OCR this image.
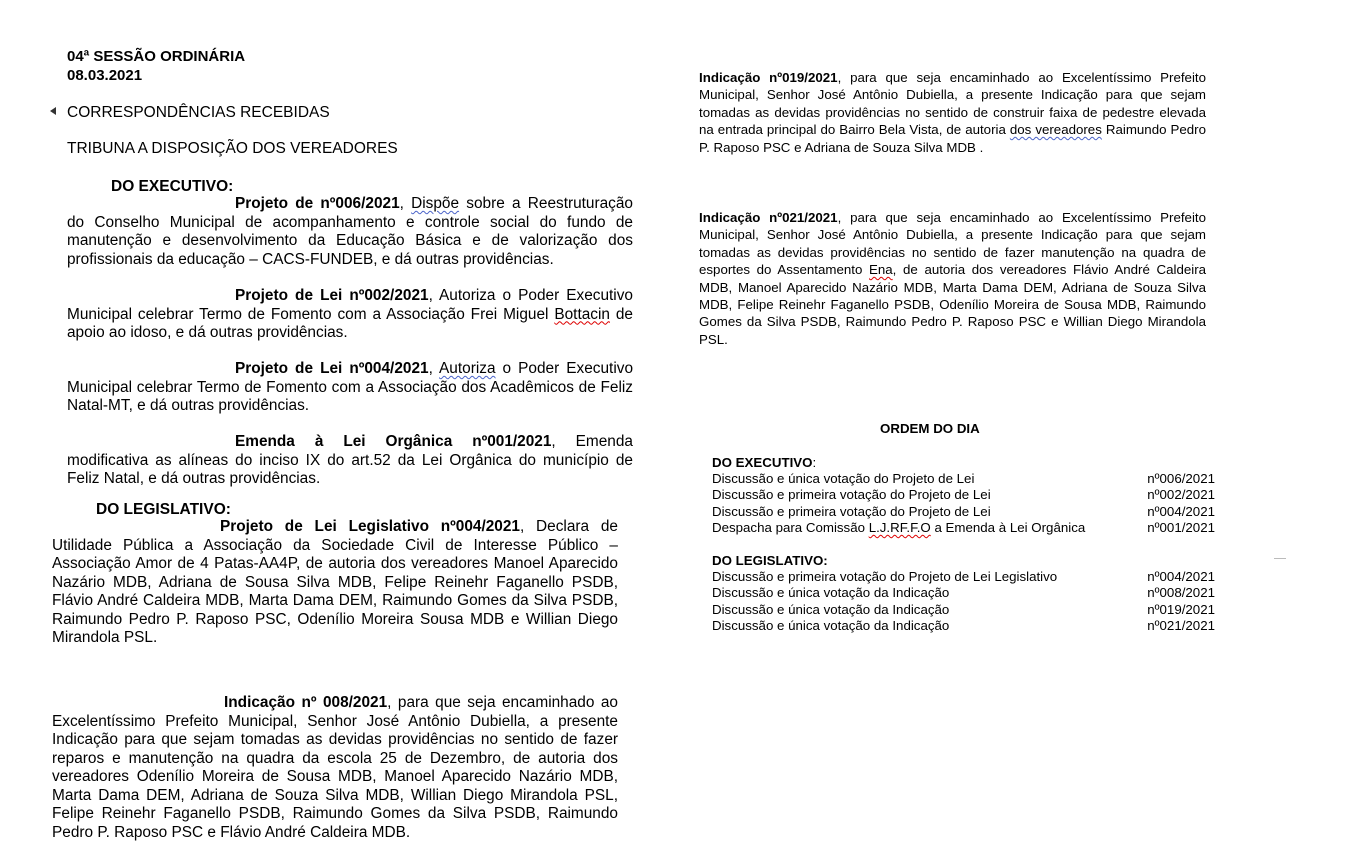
04ª SESSÃO ORDINÁRIA
08.03.2021
CORRESPONDÊNCIAS RECEBIDAS
TRIBUNA A DISPOSIÇÃO DOS VEREADORES
DO EXECUTIVO:
Projeto de nº006/2021, Dispõe sobre a Reestruturação do Conselho Municipal de acompanhamento e controle social do fundo de manutenção e desenvolvimento da Educação Básica e de valorização dos profissionais da educação – CACS-FUNDEB, e dá outras providências.
Projeto de Lei nº002/2021, Autoriza o Poder Executivo Municipal celebrar Termo de Fomento com a Associação Frei Miguel Bottacin de apoio ao idoso, e dá outras providências.
Projeto de Lei nº004/2021, Autoriza o Poder Executivo Municipal celebrar Termo de Fomento com a Associação dos Acadêmicos de Feliz Natal-MT, e dá outras providências.
Emenda à Lei Orgânica nº001/2021, Emenda modificativa as alíneas do inciso IX do art.52 da Lei Orgânica do município de Feliz Natal, e dá outras providências.
DO LEGISLATIVO:
Projeto de Lei Legislativo nº004/2021, Declara de Utilidade Pública a Associação da Sociedade Civil de Interesse Público – Associação Amor de 4 Patas-AA4P, de autoria dos vereadores Manoel Aparecido Nazário MDB, Adriana de Sousa Silva MDB, Felipe Reinehr Faganello PSDB, Flávio André Caldeira MDB, Marta Dama DEM, Raimundo Gomes da Silva PSDB, Raimundo Pedro P. Raposo PSC, Odenílio Moreira Sousa MDB e Willian Diego Mirandola PSL.
Indicação nº 008/2021, para que seja encaminhado ao Excelentíssimo Prefeito Municipal, Senhor José Antônio Dubiella, a presente Indicação para que sejam tomadas as devidas providências no sentido de fazer reparos e manutenção na quadra da escola 25 de Dezembro, de autoria dos vereadores Odenílio Moreira de Sousa MDB, Manoel Aparecido Nazário MDB, Marta Dama DEM, Adriana de Souza Silva MDB, Willian Diego Mirandola PSL, Felipe Reinehr Faganello PSDB, Raimundo Gomes da Silva PSDB, Raimundo Pedro P. Raposo PSC e Flávio André Caldeira MDB.
Indicação nº019/2021, para que seja encaminhado ao Excelentíssimo Prefeito Municipal, Senhor José Antônio Dubiella, a presente Indicação para que sejam tomadas as devidas providências no sentido de construir faixa de pedestre elevada na entrada principal do Bairro Bela Vista, de autoria dos vereadores Raimundo Pedro P. Raposo PSC e Adriana de Souza Silva MDB .
Indicação nº021/2021, para que seja encaminhado ao Excelentíssimo Prefeito Municipal, Senhor José Antônio Dubiella, a presente Indicação para que sejam tomadas as devidas providências no sentido de fazer manutenção na quadra de esportes do Assentamento Ena, de autoria dos vereadores Flávio André Caldeira MDB, Manoel Aparecido Nazário MDB, Marta Dama DEM, Adriana de Souza Silva MDB, Felipe Reinehr Faganello PSDB, Odenílio Moreira de Sousa MDB, Raimundo Gomes da Silva PSDB, Raimundo Pedro P. Raposo PSC e Willian Diego Mirandola PSL.
ORDEM DO DIA
DO EXECUTIVO:
Discussão e única votação do Projeto de Lei	nº006/2021
Discussão e primeira votação do Projeto de Lei	nº002/2021
Discussão e primeira votação do Projeto de Lei	nº004/2021
Despacha para Comissão L.J.RF.F.O a Emenda à Lei Orgânica	nº001/2021
DO LEGISLATIVO:
Discussão e primeira votação do Projeto de Lei Legislativo	nº004/2021
Discussão e única votação da Indicação	nº008/2021
Discussão e única votação da Indicação	nº019/2021
Discussão e única votação da Indicação	nº021/2021
